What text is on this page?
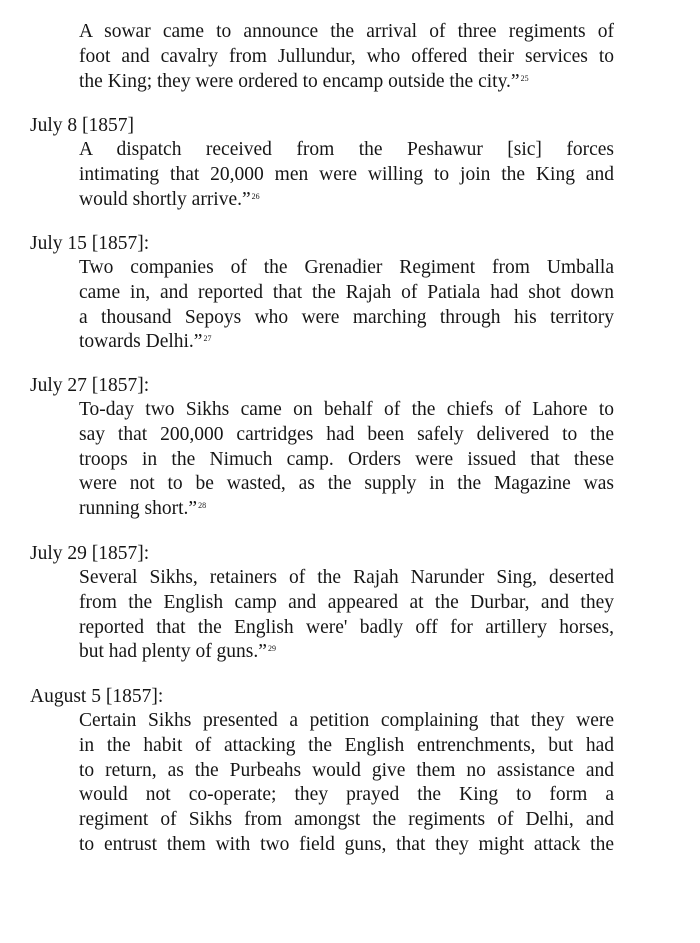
A sowar came to announce the arrival of three regiments of
foot and cavalry from Jullundur, who offered their services to
the King; they were ordered to encamp outside the city.”$^{25}$
July 8 [1857]
A dispatch received from the Peshawur [sic] forces
intimating that 20,000 men were willing to join the King and
would shortly arrive.”$^{26}$
July 15 [1857]:
Two companies of the Grenadier Regiment from Umballa
came in, and reported that the Rajah of Patiala had shot down
a thousand Sepoys who were marching through his territory
towards Delhi.”$^{27}$
July 27 [1857]:
To-day two Sikhs came on behalf of the chiefs of Lahore to
say that 200,000 cartridges had been safely delivered to the
troops in the Nimuch camp. Orders were issued that these
were not to be wasted, as the supply in the Magazine was
running short.”$^{28}$
July 29 [1857]:
Several Sikhs, retainers of the Rajah Narunder Sing, deserted
from the English camp and appeared at the Durbar, and they
reported that the English were' badly off for artillery horses,
but had plenty of guns.”$^{29}$
August 5 [1857]:
Certain Sikhs presented a petition complaining that they were
in the habit of attacking the English entrenchments, but had
to return, as the Purbeahs would give them no assistance and
would not co-operate; they prayed the King to form a
regiment of Sikhs from amongst the regiments of Delhi, and
to entrust them with two field guns, that they might attack the
